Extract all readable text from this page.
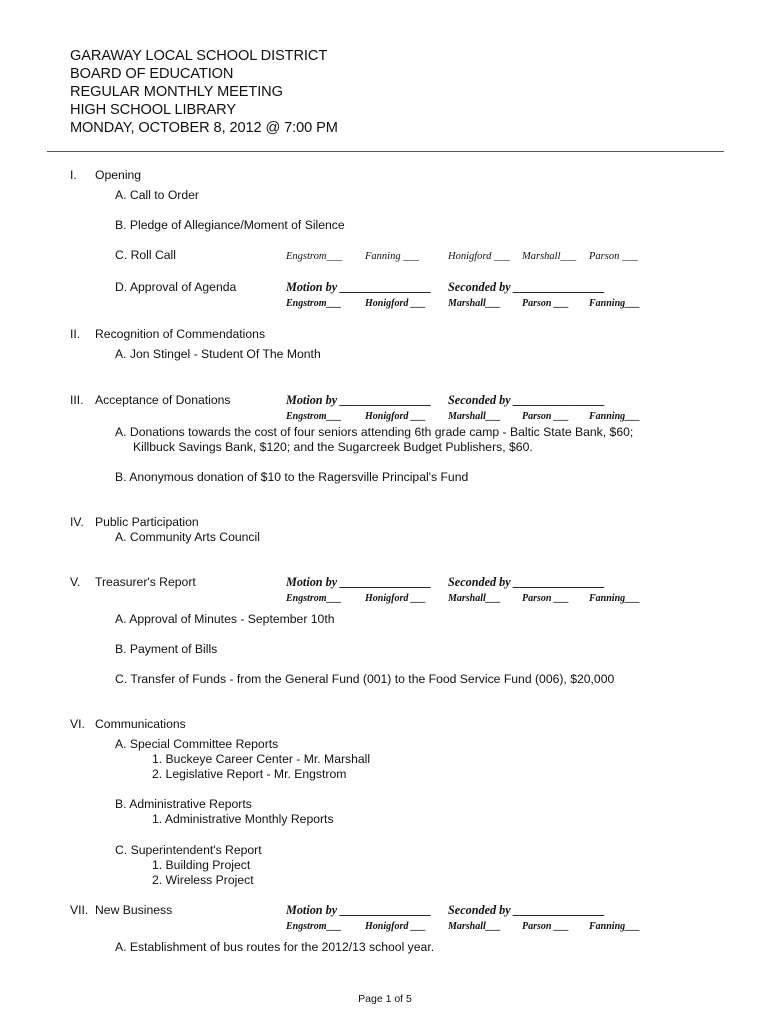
GARAWAY LOCAL SCHOOL DISTRICT
BOARD OF EDUCATION
REGULAR MONTHLY MEETING
HIGH SCHOOL LIBRARY
MONDAY, OCTOBER 8, 2012 @ 7:00 PM
I. Opening
A. Call to Order
B. Pledge of Allegiance/Moment of Silence
C. Roll Call	Engstrom___ Fanning ___	Honigford ___ Marshall___ Parson ___
D. Approval of Agenda	Motion by _______________ Seconded by _______________
Engstrom___ Honigford ___ Marshall___ Parson ___ Fanning___
II. Recognition of Commendations
A. Jon Stingel - Student Of The Month
III. Acceptance of Donations	Motion by _______________ Seconded by _______________
Engstrom___ Honigford ___ Marshall___ Parson ___ Fanning___
A. Donations towards the cost of four seniors attending 6th grade camp - Baltic State Bank, $60;
Killbuck Savings Bank, $120; and the Sugarcreek Budget Publishers, $60.
B. Anonymous donation of $10 to the Ragersville Principal's Fund
IV. Public Participation
A. Community Arts Council
V. Treasurer's Report	Motion by _______________ Seconded by _______________
Engstrom___ Honigford ___ Marshall___ Parson ___ Fanning___
A. Approval of Minutes - September 10th
B. Payment of Bills
C. Transfer of Funds - from the General Fund (001) to the Food Service Fund (006), $20,000
VI. Communications
A. Special Committee Reports
1. Buckeye Career Center - Mr. Marshall
2. Legislative Report - Mr. Engstrom
B. Administrative Reports
1. Administrative Monthly Reports
C. Superintendent's Report
1. Building Project
2. Wireless Project
VII. New Business	Motion by _______________ Seconded by _______________
Engstrom___ Honigford ___ Marshall___ Parson ___ Fanning___
A. Establishment of bus routes for the 2012/13 school year.
Page 1 of 5
